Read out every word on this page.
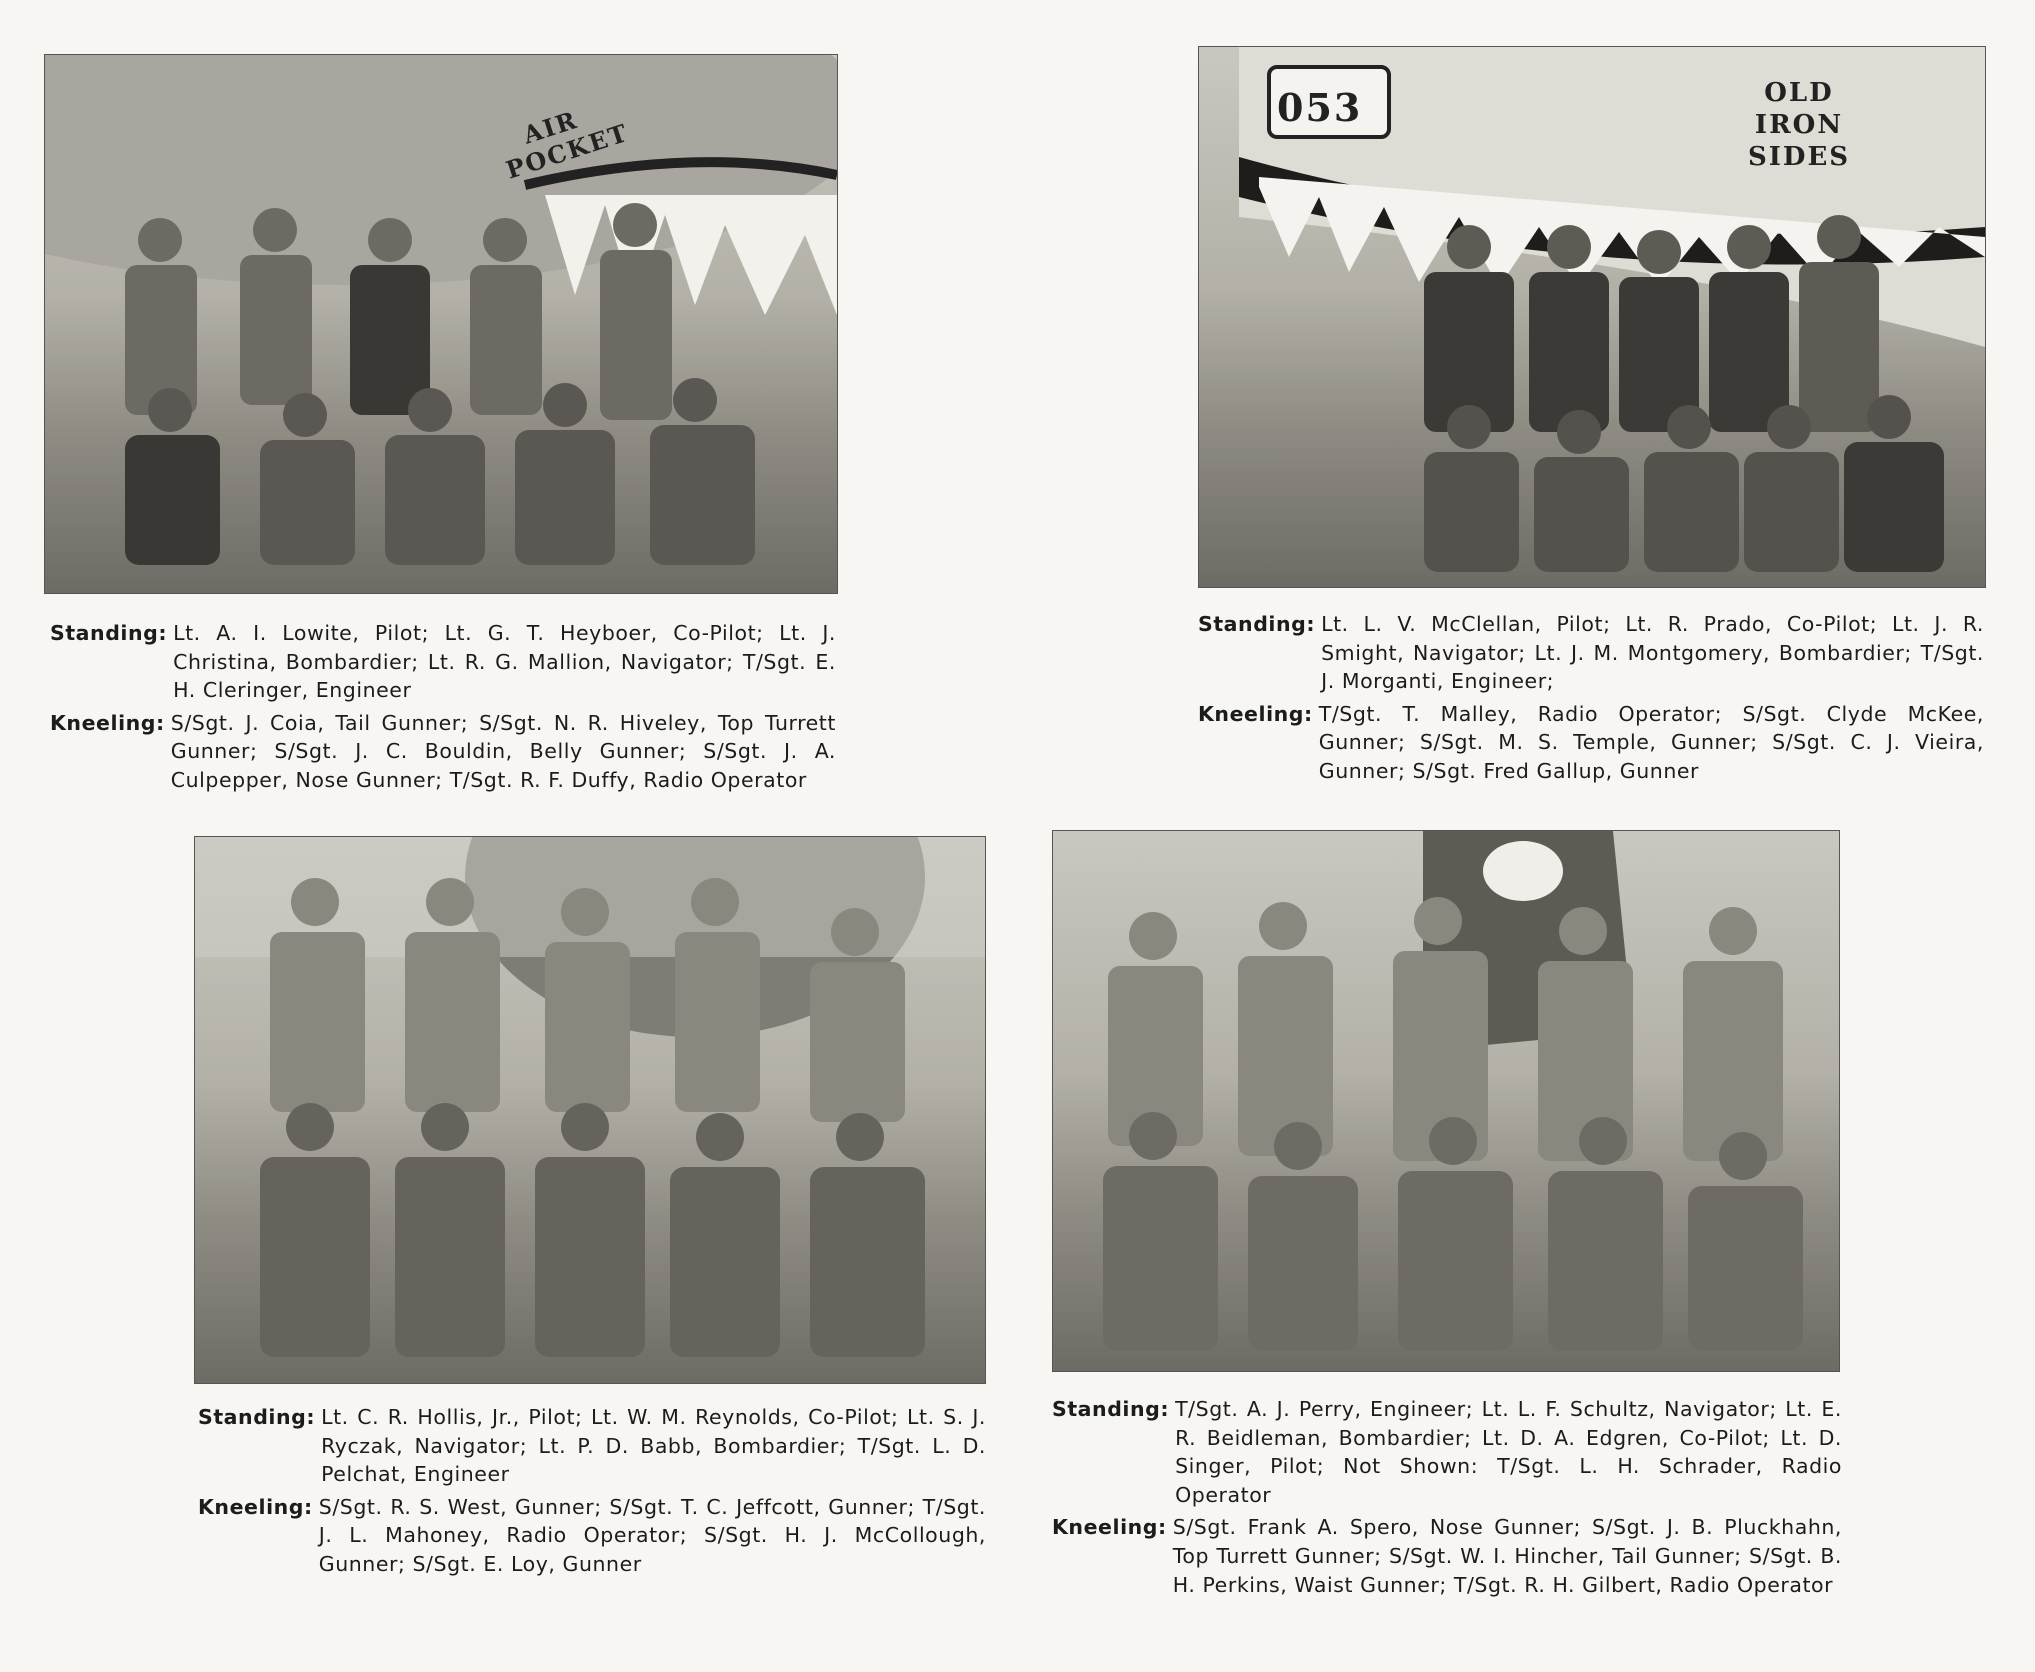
AIR POCKET
053	OLD IRON SIDES
Standing: Lt. A. I. Lowite, Pilot; Lt. G. T. Heyboer, Co-Pilot; Lt. J. Christina, Bombardier; Lt. R. G. Mallion, Navigator; T/Sgt. E. H. Cleringer, Engineer
Kneeling: S/Sgt. J. Coia, Tail Gunner; S/Sgt. N. R. Hiveley, Top Turrett Gunner; S/Sgt. J. C. Bouldin, Belly Gunner; S/Sgt. J. A. Culpepper, Nose Gunner; T/Sgt. R. F. Duffy, Radio Operator
Standing: Lt. L. V. McClellan, Pilot; Lt. R. Prado, Co-Pilot; Lt. J. R. Smight, Navigator; Lt. J. M. Montgomery, Bombardier; T/Sgt. J. Morganti, Engineer;
Kneeling: T/Sgt. T. Malley, Radio Operator; S/Sgt. Clyde McKee, Gunner; S/Sgt. M. S. Temple, Gunner; S/Sgt. C. J. Vieira, Gunner; S/Sgt. Fred Gallup, Gunner
Standing: Lt. C. R. Hollis, Jr., Pilot; Lt. W. M. Reynolds, Co-Pilot; Lt. S. J. Ryczak, Navigator; Lt. P. D. Babb, Bombardier; T/Sgt. L. D. Pelchat, Engineer
Kneeling: S/Sgt. R. S. West, Gunner; S/Sgt. T. C. Jeffcott, Gunner; T/Sgt. J. L. Mahoney, Radio Operator; S/Sgt. H. J. McCollough, Gunner; S/Sgt. E. Loy, Gunner
Standing: T/Sgt. A. J. Perry, Engineer; Lt. L. F. Schultz, Navigator; Lt. E. R. Beidleman, Bombardier; Lt. D. A. Edgren, Co-Pilot; Lt. D. Singer, Pilot; Not Shown: T/Sgt. L. H. Schrader, Radio Operator
Kneeling: S/Sgt. Frank A. Spero, Nose Gunner; S/Sgt. J. B. Pluckhahn, Top Turrett Gunner; S/Sgt. W. I. Hincher, Tail Gunner; S/Sgt. B. H. Perkins, Waist Gunner; T/Sgt. R. H. Gilbert, Radio Operator
